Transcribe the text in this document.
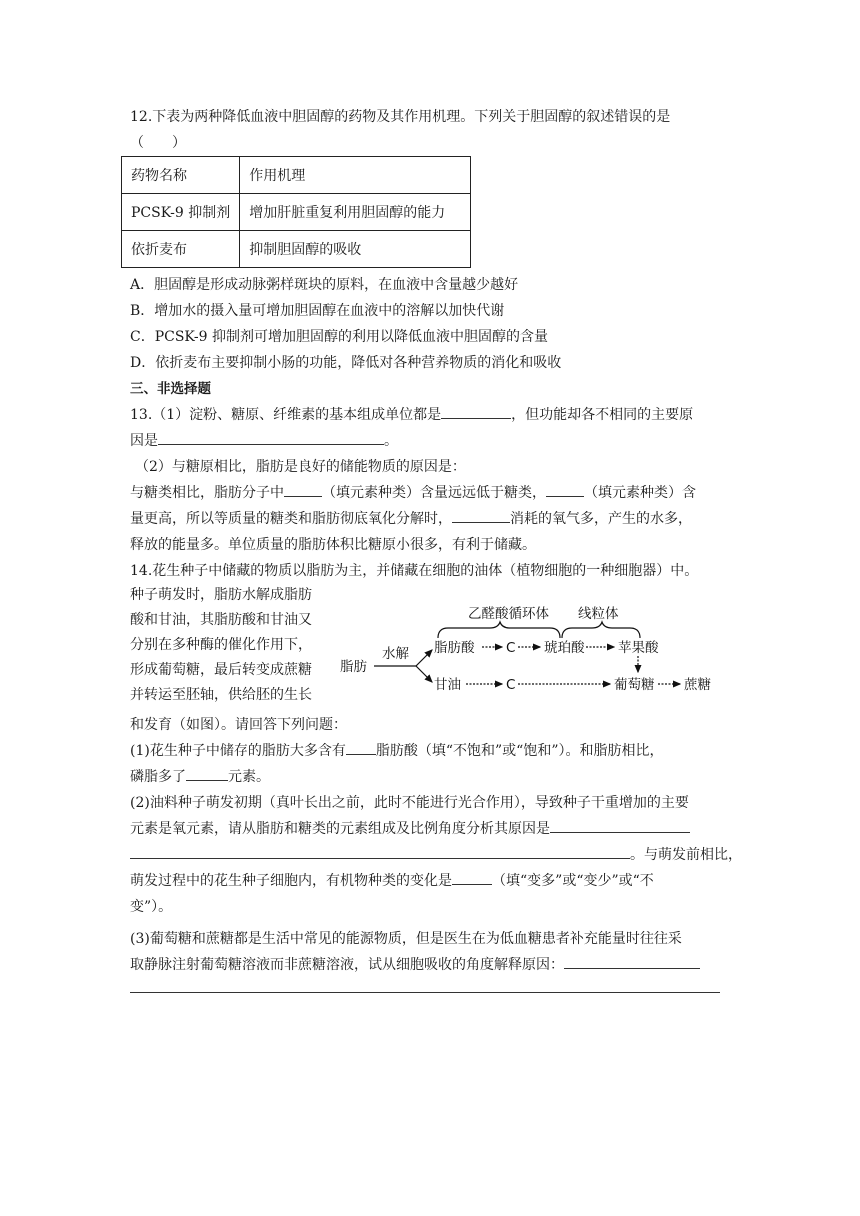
12.下表为两种降低血液中胆固醇的药物及其作用机理。下列关于胆固醇的叙述错误的是
（　　）
药物名称	作用机理
PCSK-9 抑制剂	增加肝脏重复利用胆固醇的能力
依折麦布	抑制胆固醇的吸收
A．胆固醇是形成动脉粥样斑块的原料，在血液中含量越少越好
B．增加水的摄入量可增加胆固醇在血液中的溶解以加快代谢
C．PCSK-9 抑制剂可增加胆固醇的利用以降低血液中胆固醇的含量
D．依折麦布主要抑制小肠的功能，降低对各种营养物质的消化和吸收
三、非选择题
13.（1）淀粉、糖原、纤维素的基本组成单位都是	，但功能却各不相同的主要原
因是	。
（2）与糖原相比，脂肪是良好的储能物质的原因是：
与糖类相比，脂肪分子中	（填元素种类）含量远远低于糖类，	（填元素种类）含
量更高，所以等质量的糖类和脂肪彻底氧化分解时，	消耗的氧气多，产生的水多，
释放的能量多。单位质量的脂肪体积比糖原小很多，有利于储藏。
14.花生种子中储藏的物质以脂肪为主，并储藏在细胞的油体（植物细胞的一种细胞器）中。
种子萌发时，脂肪水解成脂肪
酸和甘油，其脂肪酸和甘油又
分别在多种酶的催化作用下，
形成葡萄糖，最后转变成蔗糖
并转运至胚轴，供给胚的生长
和发育（如图）。请回答下列问题：
乙醛酸循环体 线粒体
脂肪
水解 脂肪酸 C 琥珀酸 苹果酸
甘油	C	葡萄糖 蔗糖
(1)花生种子中储存的脂肪大多含有 脂肪酸（填“不饱和”或“饱和”）。和脂肪相比，
磷脂多了	元素。
(2)油料种子萌发初期（真叶长出之前，此时不能进行光合作用），导致种子干重增加的主要
元素是氧元素，请从脂肪和糖类的元素组成及比例角度分析其原因是
。与萌发前相比，
萌发过程中的花生种子细胞内，有机物种类的变化是	（填“变多”或“变少”或“不
变”）。
(3)葡萄糖和蔗糖都是生活中常见的能源物质，但是医生在为低血糖患者补充能量时往往采
取静脉注射葡萄糖溶液而非蔗糖溶液，试从细胞吸收的角度解释原因：
